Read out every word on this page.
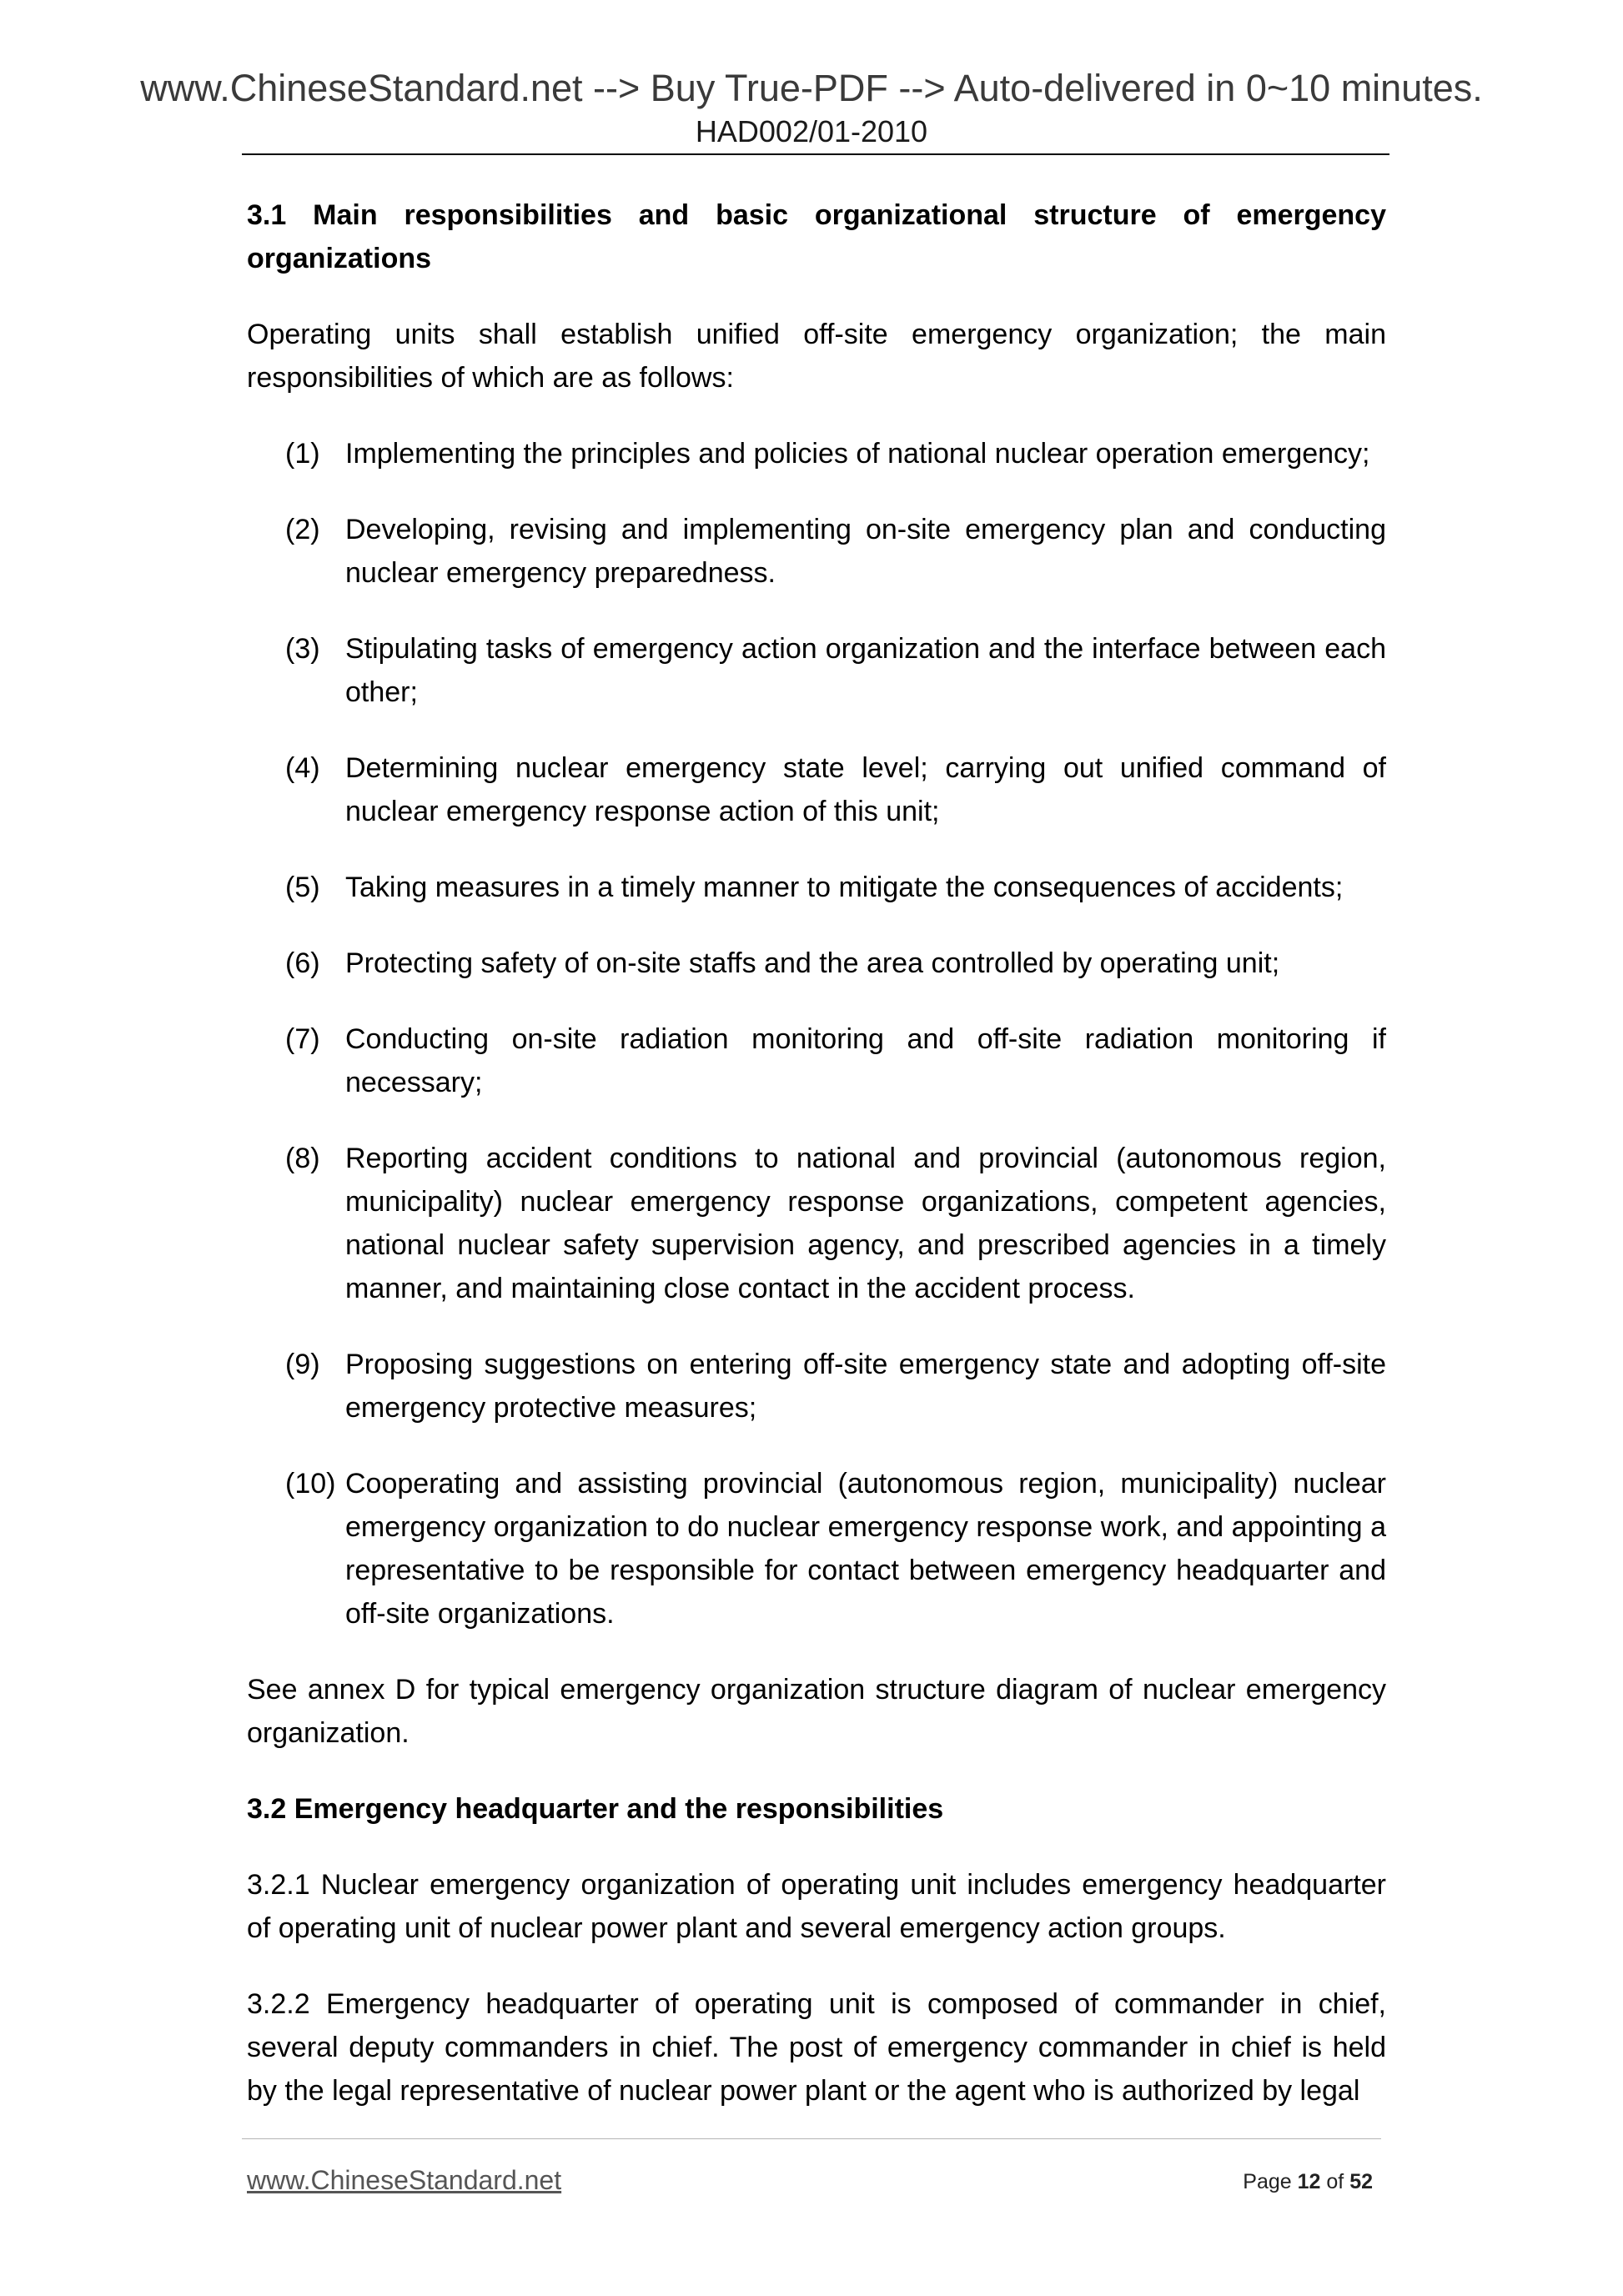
www.ChineseStandard.net --> Buy True-PDF --> Auto-delivered in 0~10 minutes.
HAD002/01-2010

3.1 Main responsibilities and basic organizational structure of emergency organizations

Operating units shall establish unified off-site emergency organization; the main responsibilities of which are as follows:

(1) Implementing the principles and policies of national nuclear operation emergency;
(2) Developing, revising and implementing on-site emergency plan and conducting nuclear emergency preparedness.
(3) Stipulating tasks of emergency action organization and the interface between each other;
(4) Determining nuclear emergency state level; carrying out unified command of nuclear emergency response action of this unit;
(5) Taking measures in a timely manner to mitigate the consequences of accidents;
(6) Protecting safety of on-site staffs and the area controlled by operating unit;
(7) Conducting on-site radiation monitoring and off-site radiation monitoring if necessary;
(8) Reporting accident conditions to national and provincial (autonomous region, municipality) nuclear emergency response organizations, competent agencies, national nuclear safety supervision agency, and prescribed agencies in a timely manner, and maintaining close contact in the accident process.
(9) Proposing suggestions on entering off-site emergency state and adopting off-site emergency protective measures;
(10) Cooperating and assisting provincial (autonomous region, municipality) nuclear emergency organization to do nuclear emergency response work, and appointing a representative to be responsible for contact between emergency headquarter and off-site organizations.

See annex D for typical emergency organization structure diagram of nuclear emergency organization.

3.2 Emergency headquarter and the responsibilities

3.2.1 Nuclear emergency organization of operating unit includes emergency headquarter of operating unit of nuclear power plant and several emergency action groups.

3.2.2 Emergency headquarter of operating unit is composed of commander in chief, several deputy commanders in chief. The post of emergency commander in chief is held by the legal representative of nuclear power plant or the agent who is authorized by legal

www.ChineseStandard.net	Page 12 of 52
